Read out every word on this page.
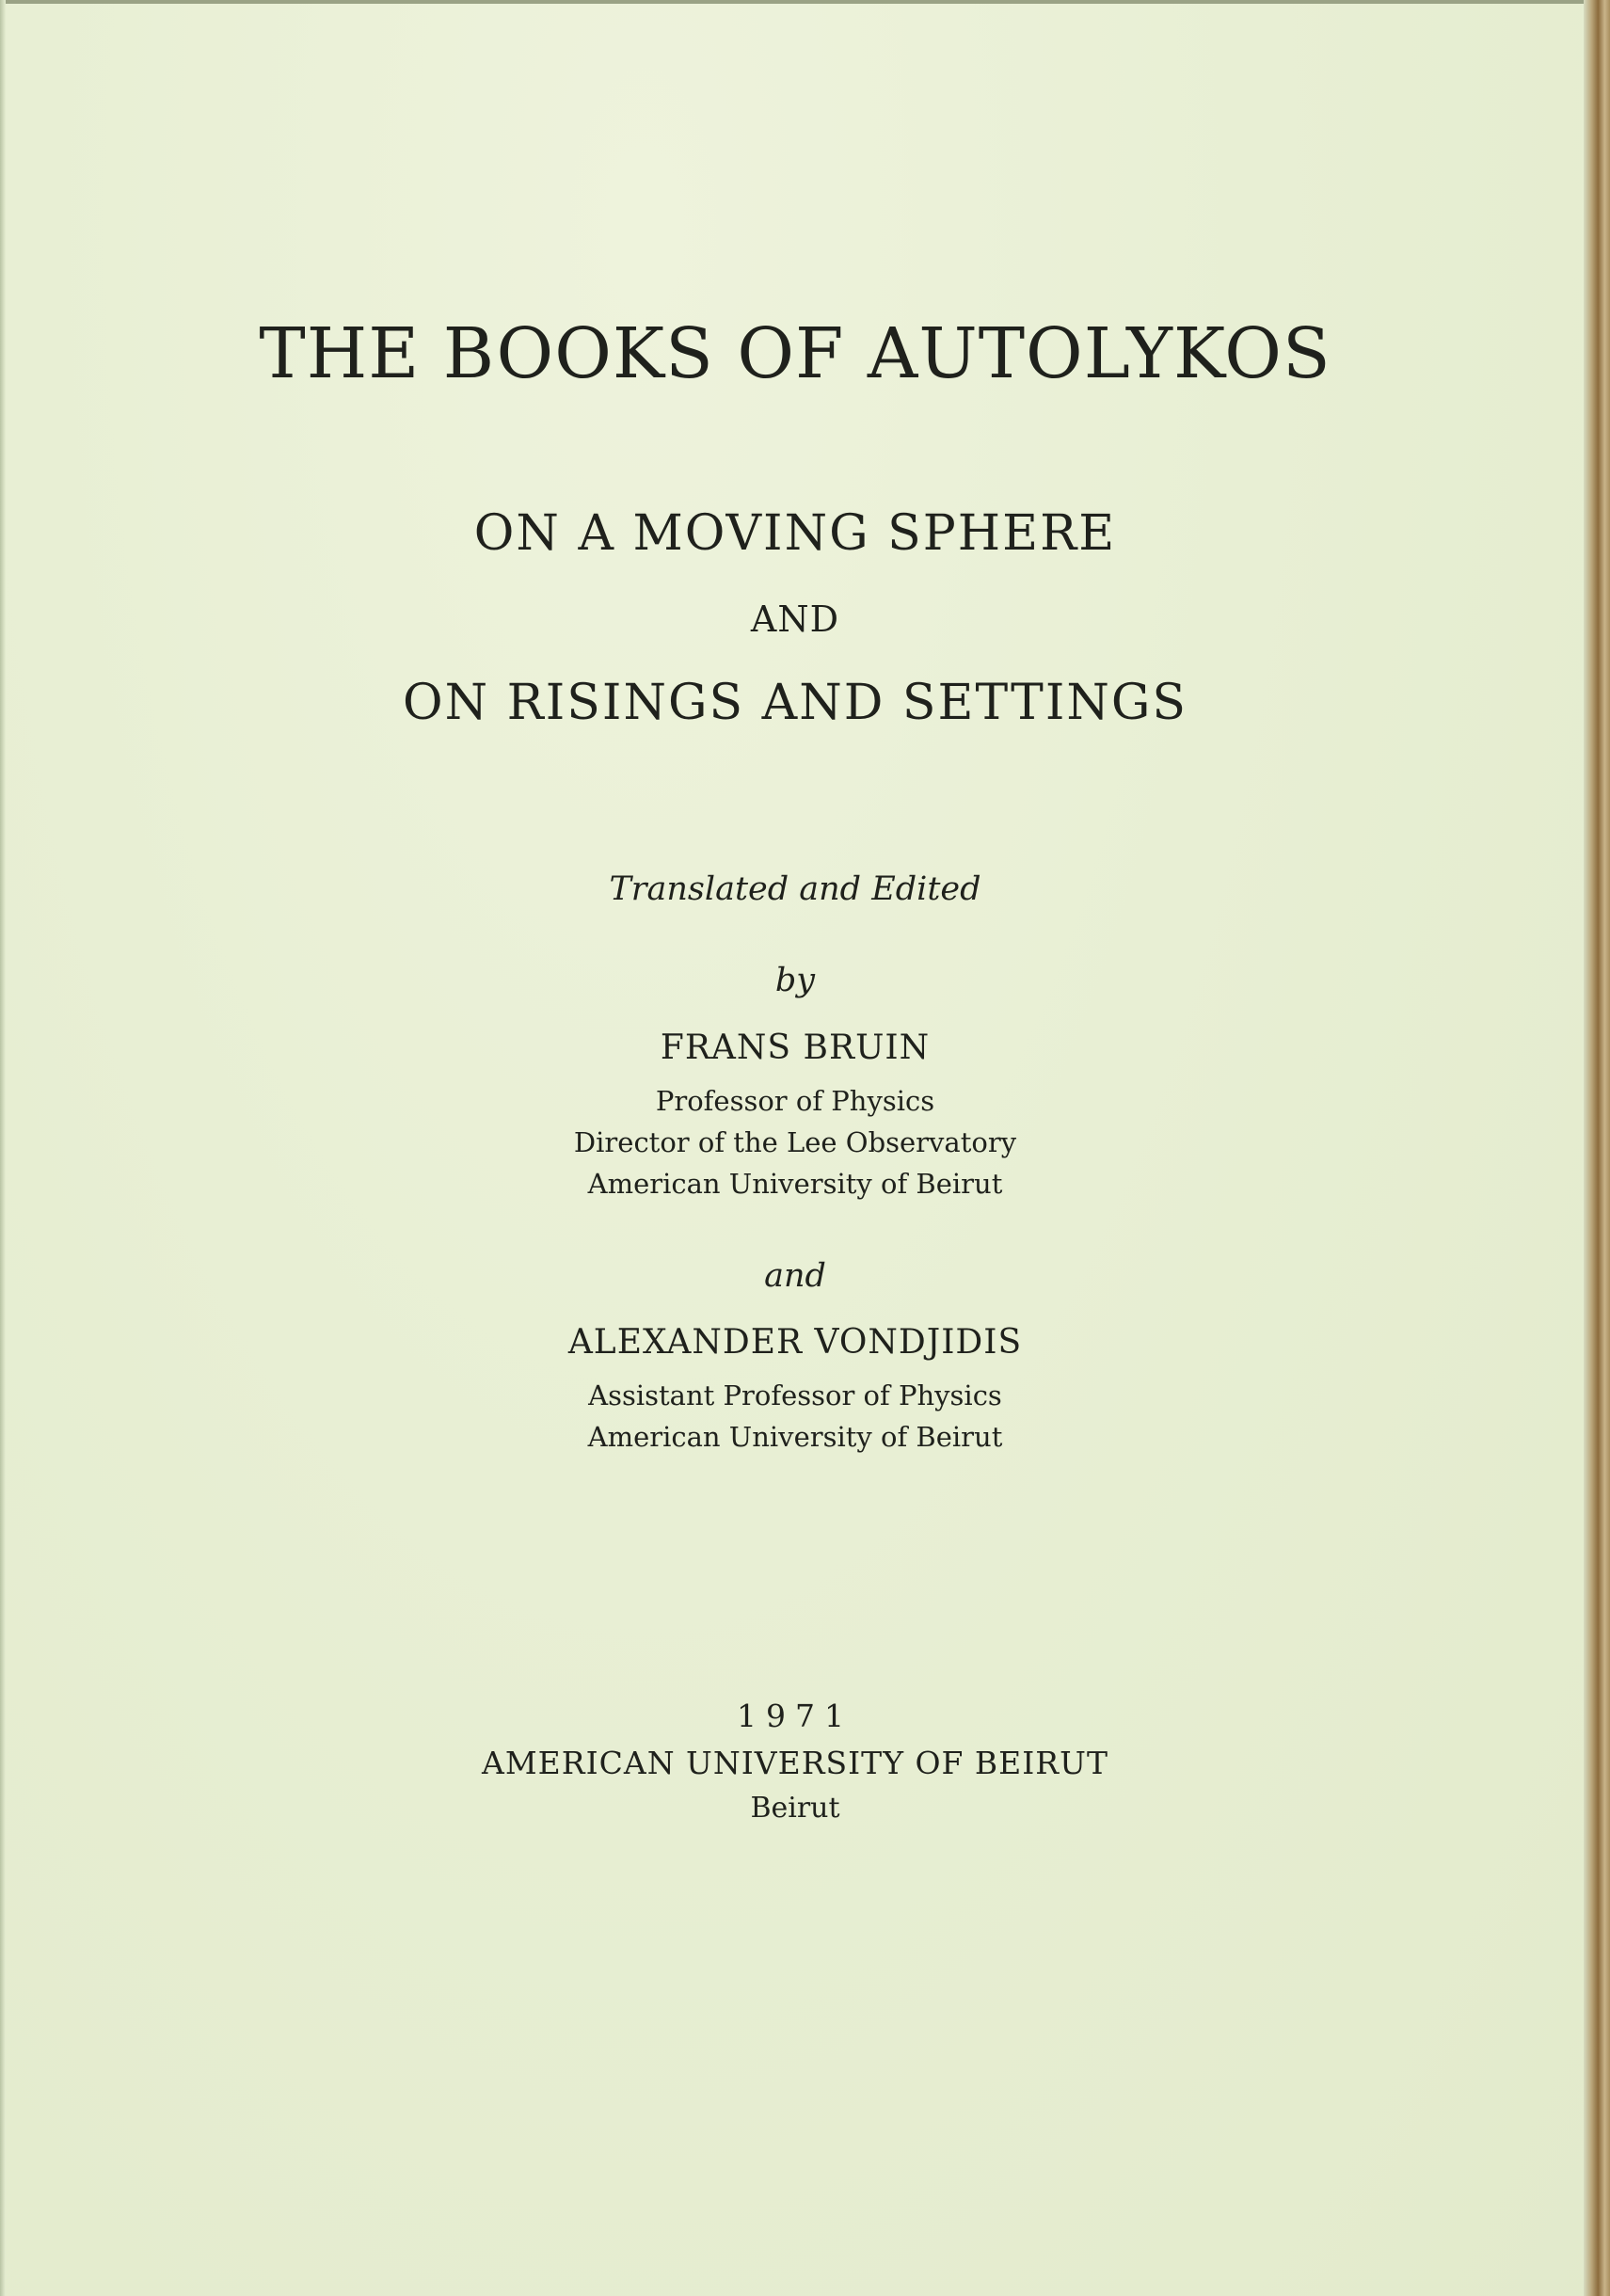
THE BOOKS OF AUTOLYKOS
ON A MOVING SPHERE
AND
ON RISINGS AND SETTINGS
Translated and Edited
by
FRANS BRUIN
Professor of Physics
Director of the Lee Observatory
American University of Beirut
and
ALEXANDER VONDJIDIS
Assistant Professor of Physics
American University of Beirut
1971
AMERICAN UNIVERSITY OF BEIRUT
Beirut
